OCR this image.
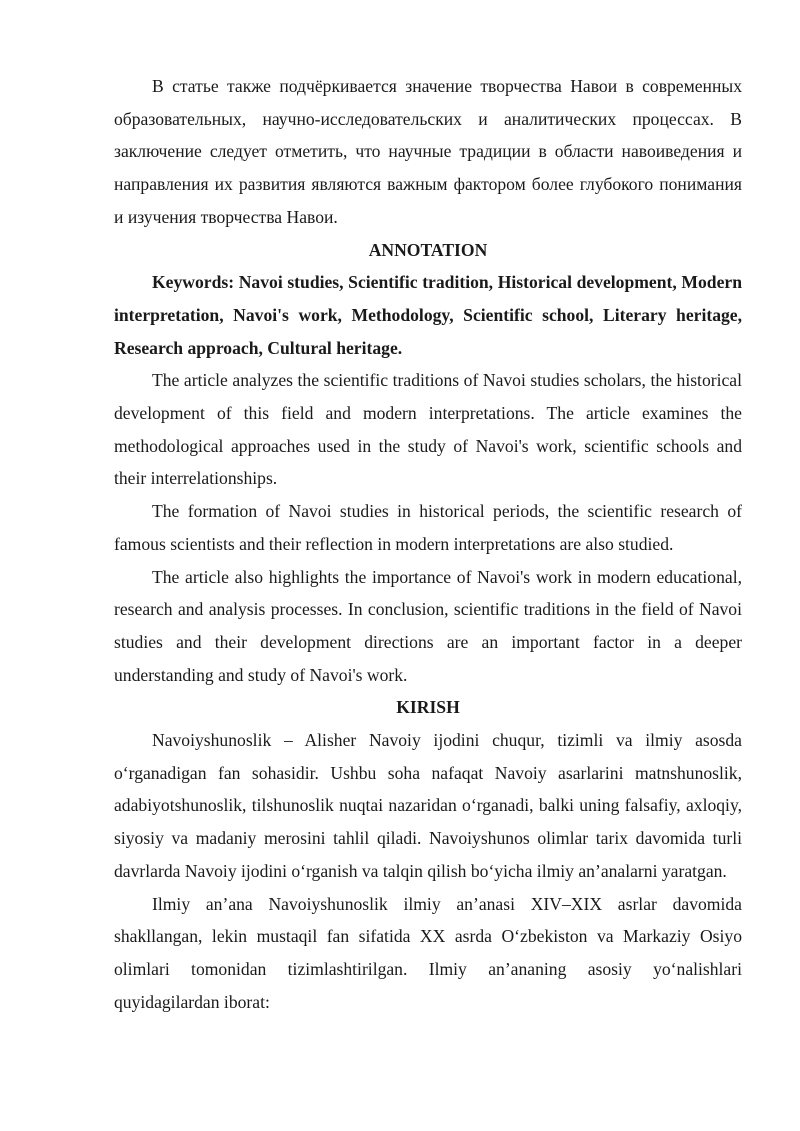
В статье также подчёркивается значение творчества Навои в современных образовательных, научно-исследовательских и аналитических процессах. В заключение следует отметить, что научные традиции в области навоиведения и направления их развития являются важным фактором более глубокого понимания и изучения творчества Навои.

ANNOTATION

Keywords: Navoi studies, Scientific tradition, Historical development, Modern interpretation, Navoi's work, Methodology, Scientific school, Literary heritage, Research approach, Cultural heritage.

The article analyzes the scientific traditions of Navoi studies scholars, the historical development of this field and modern interpretations. The article examines the methodological approaches used in the study of Navoi's work, scientific schools and their interrelationships.

The formation of Navoi studies in historical periods, the scientific research of famous scientists and their reflection in modern interpretations are also studied.

The article also highlights the importance of Navoi's work in modern educational, research and analysis processes. In conclusion, scientific traditions in the field of Navoi studies and their development directions are an important factor in a deeper understanding and study of Navoi's work.

KIRISH

Navoiyshunoslik – Alisher Navoiy ijodini chuqur, tizimli va ilmiy asosda o‘rganadigan fan sohasidir. Ushbu soha nafaqat Navoiy asarlarini matnshunoslik, adabiyotshunoslik, tilshunoslik nuqtai nazaridan o‘rganadi, balki uning falsafiy, axloqiy, siyosiy va madaniy merosini tahlil qiladi. Navoiyshunos olimlar tarix davomida turli davrlarda Navoiy ijodini o‘rganish va talqin qilish bo‘yicha ilmiy an’analarni yaratgan.

Ilmiy an’ana Navoiyshunoslik ilmiy an’anasi XIV–XIX asrlar davomida shakllangan, lekin mustaqil fan sifatida XX asrda O‘zbekiston va Markaziy Osiyo olimlari tomonidan tizimlashtirilgan. Ilmiy an’ananing asosiy yo‘nalishlari quyidagilardan iborat:
